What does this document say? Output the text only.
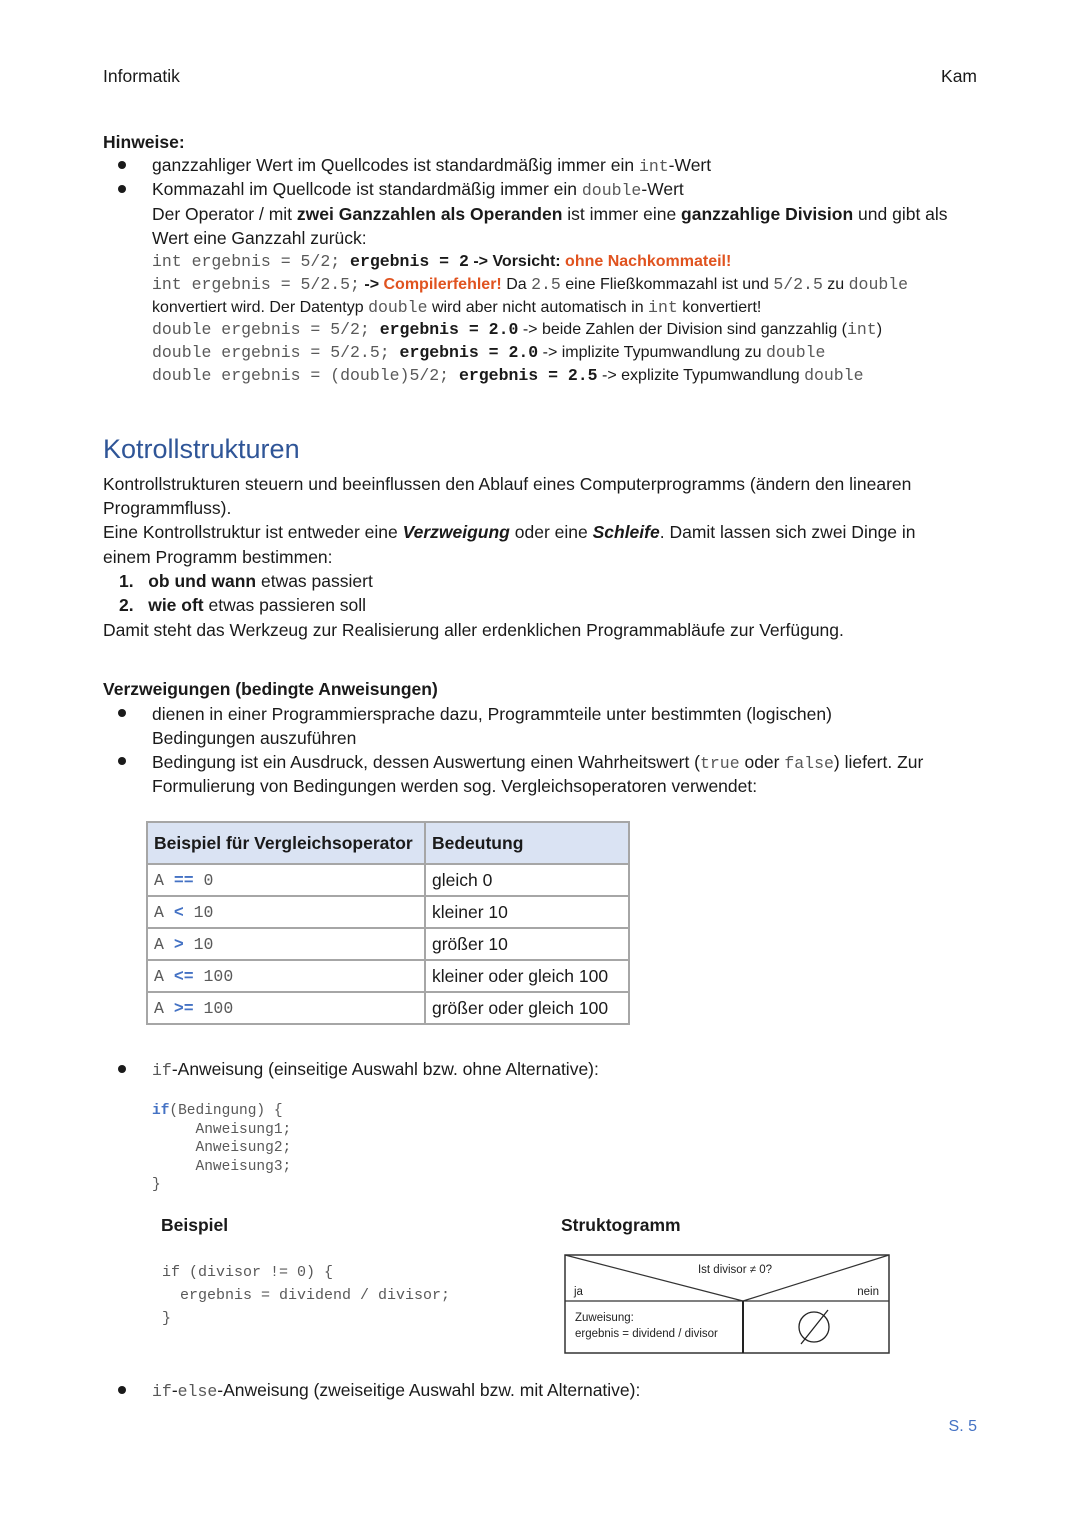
Informatik	Kam
Hinweise:
ganzzahliger Wert im Quellcodes ist standardmäßig immer ein int-Wert
Kommazahl im Quellcode ist standardmäßig immer ein double-Wert
Der Operator / mit zwei Ganzzahlen als Operanden ist immer eine ganzzahlige Division und gibt als
Wert eine Ganzzahl zurück:
int ergebnis = 5/2; ergebnis = 2 -> Vorsicht: ohne Nachkommateil!
int ergebnis = 5/2.5; -> Compilerfehler! Da 2.5 eine Fließkommazahl ist und 5/2.5 zu double
konvertiert wird. Der Datentyp double wird aber nicht automatisch in int konvertiert!
double ergebnis = 5/2; ergebnis = 2.0 -> beide Zahlen der Division sind ganzzahlig (int)
double ergebnis = 5/2.5; ergebnis = 2.0 -> implizite Typumwandlung zu double
double ergebnis = (double)5/2; ergebnis = 2.5 -> explizite Typumwandlung double
Kotrollstrukturen
Kontrollstrukturen steuern und beeinflussen den Ablauf eines Computerprogramms (ändern den linearen
Programmfluss).
Eine Kontrollstruktur ist entweder eine Verzweigung oder eine Schleife. Damit lassen sich zwei Dinge in
einem Programm bestimmen:
1. ob und wann etwas passiert
2. wie oft etwas passieren soll
Damit steht das Werkzeug zur Realisierung aller erdenklichen Programmabläufe zur Verfügung.
Verzweigungen (bedingte Anweisungen)
dienen in einer Programmiersprache dazu, Programmteile unter bestimmten (logischen)
Bedingungen auszuführen
Bedingung ist ein Ausdruck, dessen Auswertung einen Wahrheitswert (true oder false) liefert. Zur
Formulierung von Bedingungen werden sog. Vergleichsoperatoren verwendet:
Beispiel für Vergleichsoperator	Bedeutung
A == 0	gleich 0
A < 10	kleiner 10
A > 10	größer 10
A <= 100	kleiner oder gleich 100
A >= 100	größer oder gleich 100
if-Anweisung (einseitige Auswahl bzw. ohne Alternative):
if(Bedingung) {
Anweisung1;
Anweisung2;
Anweisung3;
}
Beispiel
if (divisor != 0) {
ergebnis = dividend / divisor;
}
Struktogramm
Ist divisor ≠ 0?
ja	nein
Zuweisung:
ergebnis = dividend / divisor
if-else-Anweisung (zweiseitige Auswahl bzw. mit Alternative):
S. 5
